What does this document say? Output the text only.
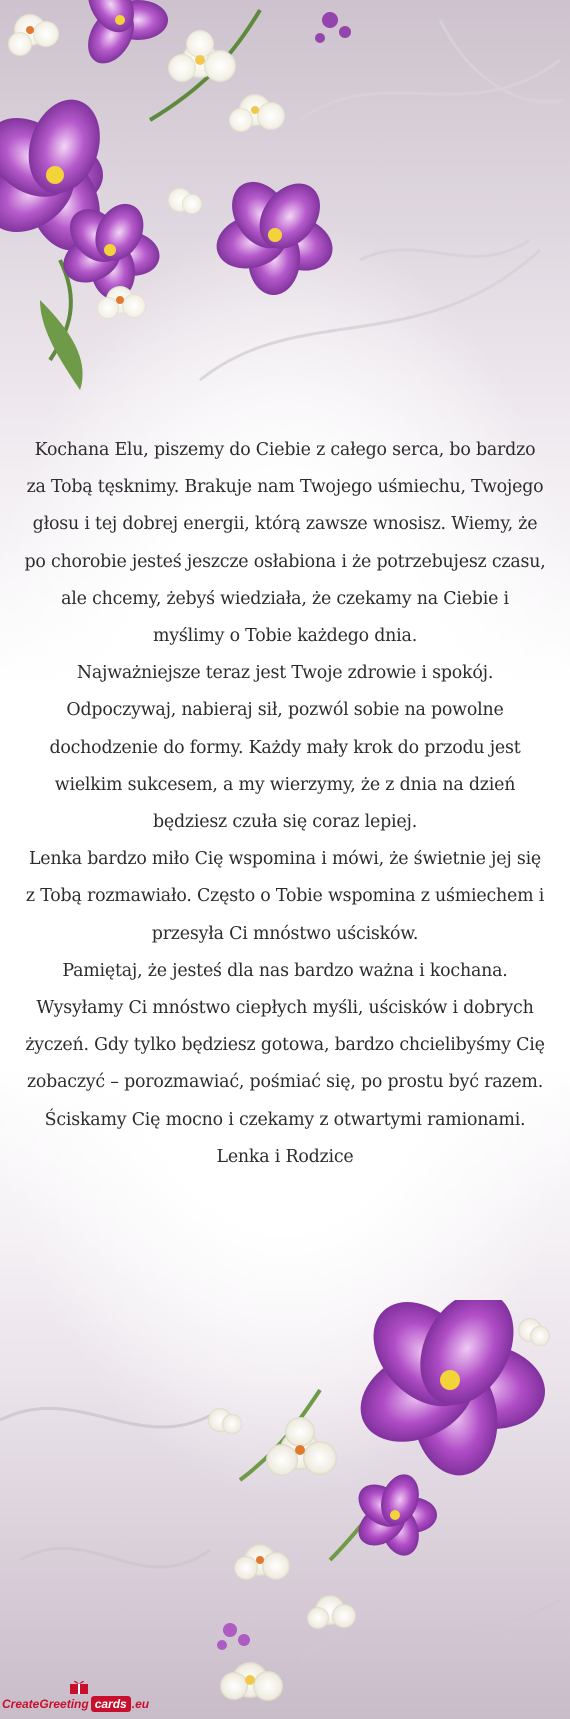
Kochana Elu, piszemy do Ciebie z całego serca, bo bardzo za Tobą tęsknimy. Brakuje nam Twojego uśmiechu, Twojego głosu i tej dobrej energii, którą zawsze wnosisz. Wiemy, że po chorobie jesteś jeszcze osłabiona i że potrzebujesz czasu, ale chcemy, żebyś wiedziała, że czekamy na Ciebie i myślimy o Tobie każdego dnia.

Najważniejsze teraz jest Twoje zdrowie i spokój. Odpoczywaj, nabieraj sił, pozwól sobie na powolne dochodzenie do formy. Każdy mały krok do przodu jest wielkim sukcesem, a my wierzymy, że z dnia na dzień będziesz czuła się coraz lepiej.

Lenka bardzo miło Cię wspomina i mówi, że świetnie jej się z Tobą rozmawiało. Często o Tobie wspomina z uśmiechem i przesyła Ci mnóstwo uścisków.

Pamiętaj, że jesteś dla nas bardzo ważna i kochana.

Wysyłamy Ci mnóstwo ciepłych myśli, uścisków i dobrych życzeń. Gdy tylko będziesz gotowa, bardzo chcielibyśmy Cię zobaczyć – porozmawiać, pośmiać się, po prostu być razem.

Ściskamy Cię mocno i czekamy z otwartymi ramionami.

Lenka i Rodzice

CreateGreeting cards .eu
